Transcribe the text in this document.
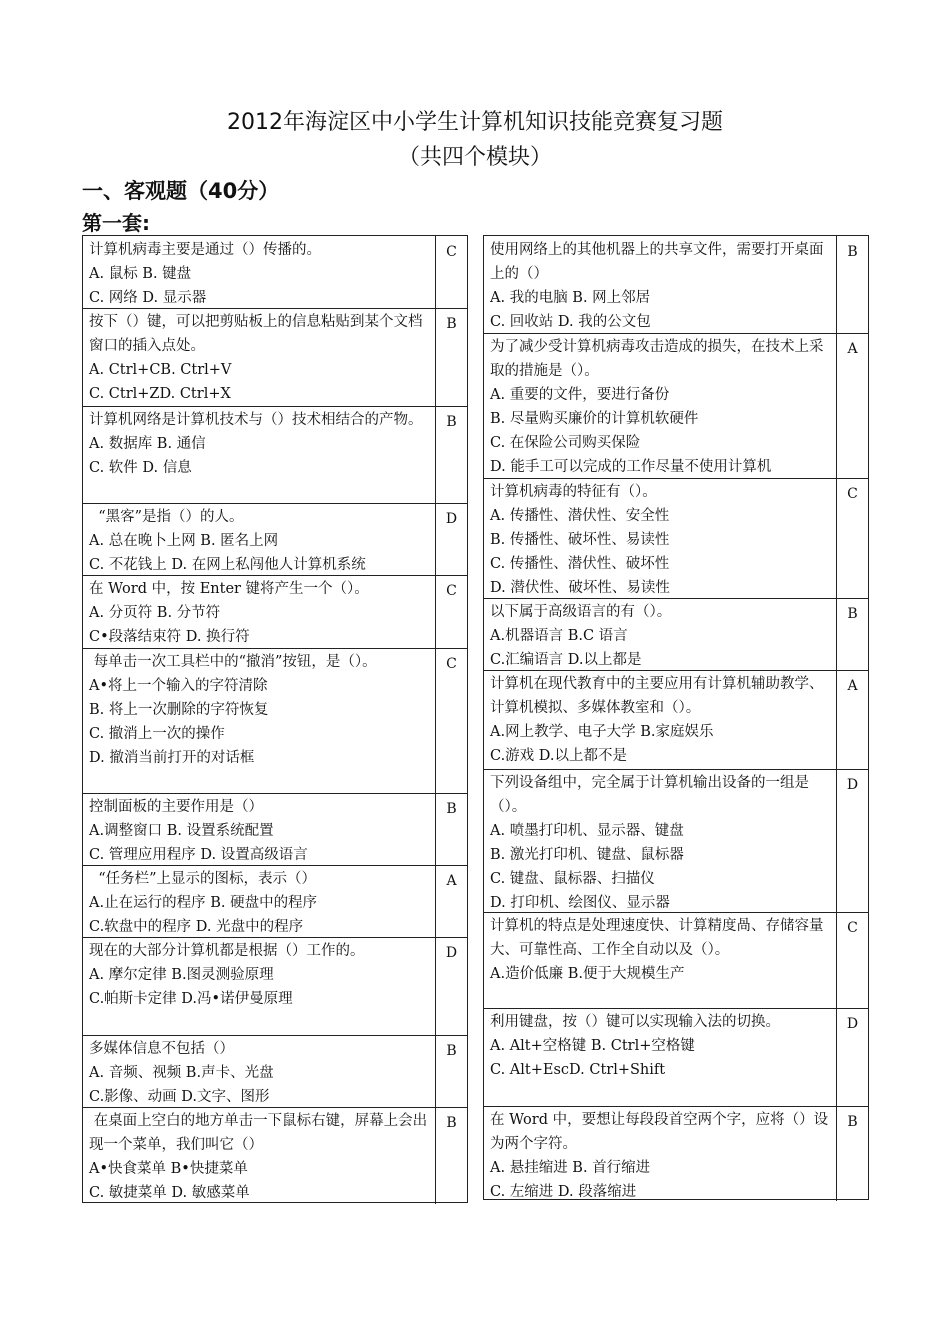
2012年海淀区中小学生计算机知识技能竞赛复习题
（共四个模块）
一、客观题（40分）
第一套:
计算机病毒主要是通过（）传播的。
A. 鼠标 B. 键盘
C. 网络 D. 显示器
C
按下（）键，可以把剪贴板上的信息粘贴到某个文档窗口的插入点处。
A. Ctrl+CB. Ctrl+V
C. Ctrl+ZD. Ctrl+X
B
计算机网络是计算机技术与（）技术相结合的产物。
A. 数据库 B. 通信
C. 软件 D. 信息
B
“黑客”是指（）的人。
A. 总在晚卜上网 B. 匿名上网
C. 不花钱上 D. 在网上私闯他人计算机系统
D
在 Word 中，按 Enter 键将产生一个（）。
A. 分页符 B. 分节符
C•段落结束符 D. 换行符
C
每单击一次工具栏中的“撤消”按钮，是（）。
A•将上一个输入的字符清除
B. 将上一次删除的字符恢复
C. 撤消上一次的操作
D. 撤消当前打开的对话框
C
控制面板的主要作用是（）
A.调整窗口 B. 设置系统配置
C. 管理应用程序 D. 设置高级语言
B
“任务栏”上显示的图标，表示（）
A.止在运行的程序 B. 硬盘中的程序
C.软盘中的程序 D. 光盘中的程序
A
现在的大部分计算机都是根据（）工作的。
A. 摩尔定律 B.图灵测验原理
C.帕斯卡定律 D.冯•诺伊曼原理
D
多媒体信息不包括（）
A. 音频、视频 B.声卡、光盘
C.影像、动画 D.文字、图形
B
在桌面上空白的地方单击一下鼠标右键，屏幕上会出现一个菜单，我们叫它（）
A•快食菜单 B•快捷菜单
C. 敏捷菜单 D. 敏感菜单
B
使用网络上的其他机器上的共享文件，需要打开桌面上的（）
A. 我的电脑 B. 网上邻居
C. 回收站 D. 我的公文包
B
为了减少受计算机病毒攻击造成的损失，在技术上采取的措施是（）。
A. 重要的文件，要进行备份
B. 尽量购买廉价的计算机软硬件
C. 在保险公司购买保险
D. 能手工可以完成的工作尽量不使用计算机
A
计算机病毒的特征有（）。
A. 传播性、潜伏性、安全性
B. 传播性、破坏性、易读性
C. 传播性、潜伏性、破坏性
D. 潜伏性、破坏性、易读性
C
以下属于高级语言的有（）。
A.机器语言 B.C 语言
C.汇编语言 D.以上都是
B
计算机在现代教育中的主要应用有计算机辅助教学、计算机模拟、多媒体教室和（）。
A.网上教学、电子大学 B.家庭娱乐
C.游戏 D.以上都不是
A
下列设备组中，完全属于计算机输出设备的一组是（）。
A. 喷墨打印机、显示器、键盘
B. 激光打印机、键盘、鼠标器
C. 键盘、鼠标器、扫描仪
D. 打印机、绘图仪、显示器
D
计算机的特点是处理速度快、计算精度咼、存储容量大、可靠性高、工作全自动以及（）。
A.造价低廉 B.便于大规模生产
C
利用键盘，按（）键可以实现输入法的切换。
A. Alt+空格键 B. Ctrl+空格键
C. Alt+EscD. Ctrl+Shift
D
在 Word 中，要想让每段段首空两个字，应将（）设为两个字符。
A. 悬挂缩进 B. 首行缩进
C. 左缩进 D. 段落缩进
B
